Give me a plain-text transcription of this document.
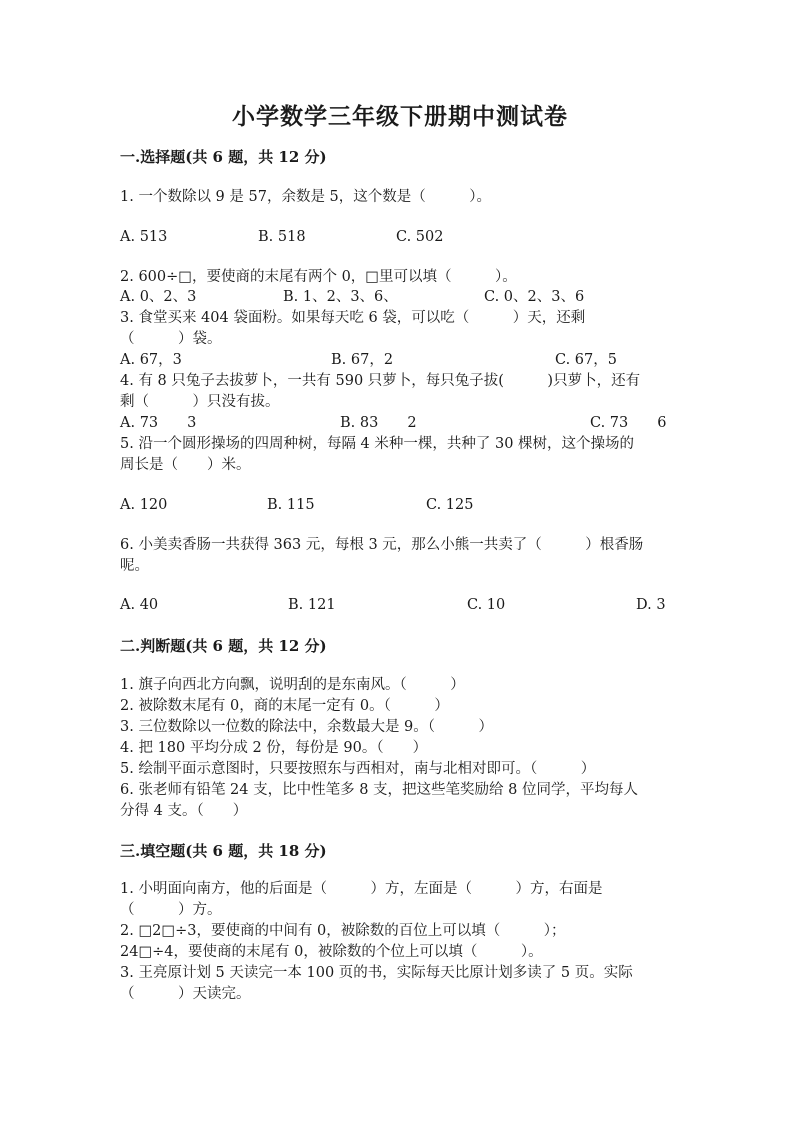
小学数学三年级下册期中测试卷
一.选择题(共 6 题，共 12 分)
1. 一个数除以 9 是 57，余数是 5，这个数是（　　　）。
A. 513	B. 518	C. 502
2. 600÷□，要使商的末尾有两个 0，□里可以填（　　　）。
A. 0、2、3	B. 1、2、3、6、	C. 0、2、3、6
3. 食堂买来 404 袋面粉。如果每天吃 6 袋，可以吃（　　　）天，还剩
（　　　）袋。
A. 67，3	B. 67，2	C. 67，5
4. 有 8 只兔子去拔萝卜，一共有 590 只萝卜，每只兔子拔(　　　)只萝卜，还有
剩（　　　）只没有拔。
A. 73　　3	B. 83　　2	C. 73　　6
5. 沿一个圆形操场的四周种树，每隔 4 米种一棵，共种了 30 棵树，这个操场的
周长是（　　）米。
A. 120	B. 115	C. 125
6. 小美卖香肠一共获得 363 元，每根 3 元，那么小熊一共卖了（　　　）根香肠
呢。
A. 40	B. 121	C. 10	D. 3
二.判断题(共 6 题，共 12 分)
1. 旗子向西北方向飘，说明刮的是东南风。（　　　）
2. 被除数末尾有 0，商的末尾一定有 0。（　　　）
3. 三位数除以一位数的除法中，余数最大是 9。（　　　）
4. 把 180 平均分成 2 份，每份是 90。（　　）
5. 绘制平面示意图时，只要按照东与西相对，南与北相对即可。（　　　）
6. 张老师有铅笔 24 支，比中性笔多 8 支，把这些笔奖励给 8 位同学，平均每人
分得 4 支。（　　）
三.填空题(共 6 题，共 18 分)
1. 小明面向南方，他的后面是（　　　）方，左面是（　　　）方，右面是
（　　　）方。
2. □2□÷3，要使商的中间有 0，被除数的百位上可以填（　　　）；
24□÷4，要使商的末尾有 0，被除数的个位上可以填（　　　）。
3. 王亮原计划 5 天读完一本 100 页的书，实际每天比原计划多读了 5 页。实际
（　　　）天读完。
